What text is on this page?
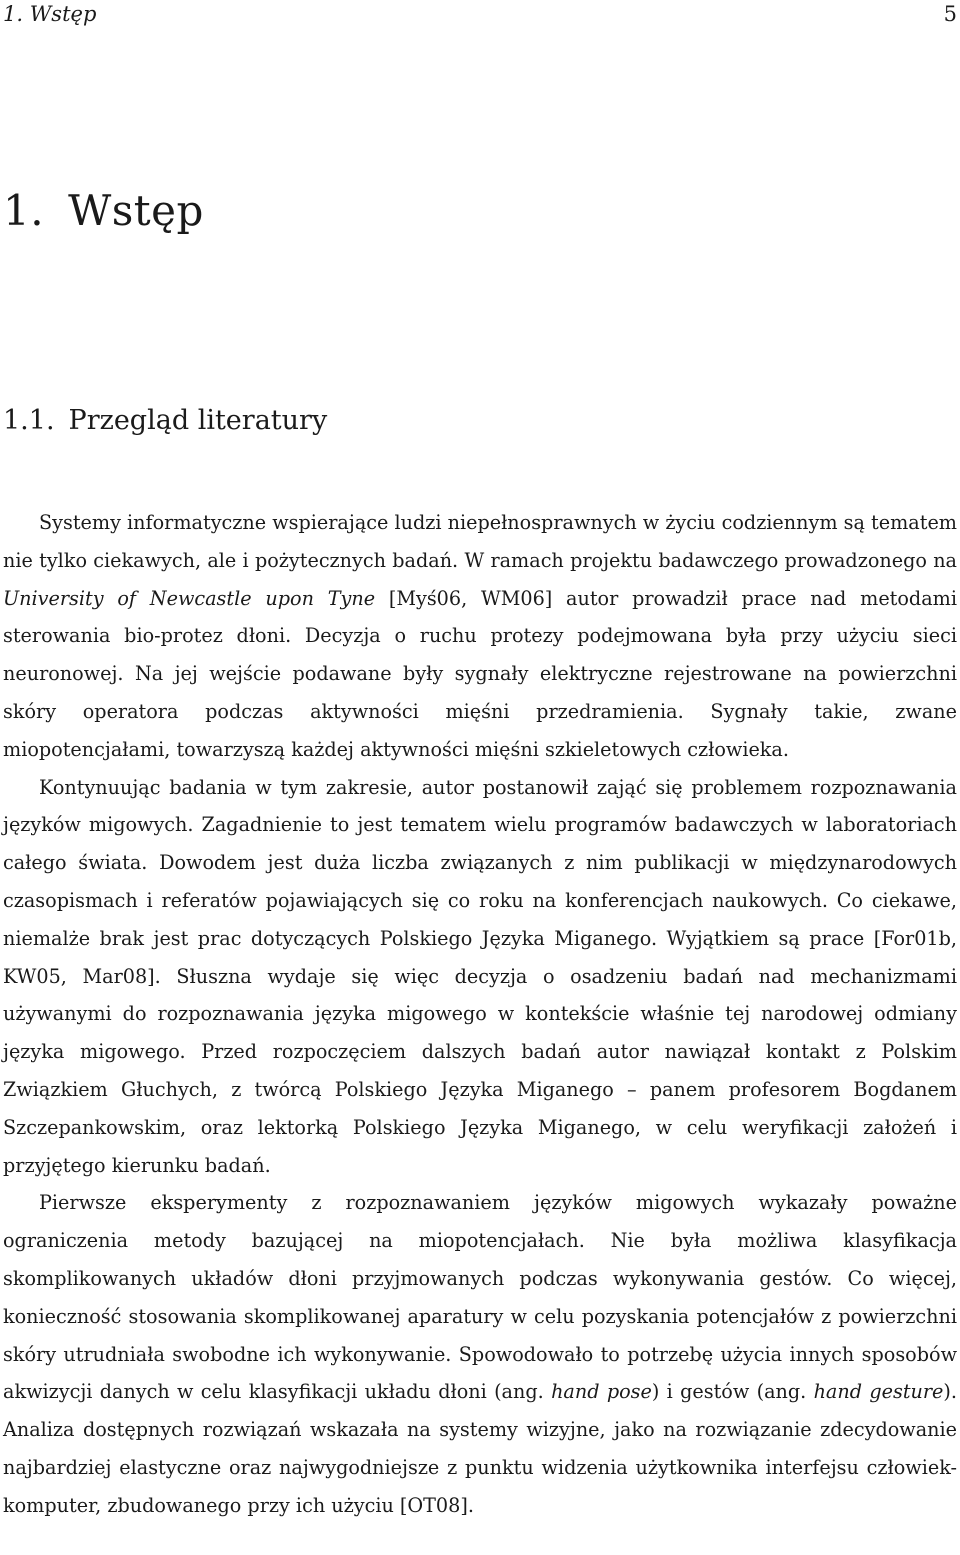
1. Wstęp	5
1. Wstęp
1.1. Przegląd literatury

Systemy informatyczne wspierające ludzi niepełnosprawnych w życiu codziennym są tematem nie tylko ciekawych, ale i pożytecznych badań. W ramach projektu badawczego prowadzonego na University of Newcastle upon Tyne [Myś06, WM06] autor prowadził prace nad metodami sterowania bio-protez dłoni. Decyzja o ruchu protezy podejmowana była przy użyciu sieci neuronowej. Na jej wejście podawane były sygnały elektryczne rejestrowane na powierzchni skóry operatora podczas aktywności mięśni przedramienia. Sygnały takie, zwane miopotencjałami, towarzyszą każdej aktywności mięśni szkieletowych człowieka.

Kontynuując badania w tym zakresie, autor postanowił zająć się problemem rozpoznawania języków migowych. Zagadnienie to jest tematem wielu programów badawczych w laboratoriach całego świata. Dowodem jest duża liczba związanych z nim publikacji w międzynarodowych czasopismach i referatów pojawiających się co roku na konferencjach naukowych. Co ciekawe, niemalże brak jest prac dotyczących Polskiego Języka Miganego. Wyjątkiem są prace [For01b, KW05, Mar08]. Słuszna wydaje się więc decyzja o osadzeniu badań nad mechanizmami używanymi do rozpoznawania języka migowego w kontekście właśnie tej narodowej odmiany języka migowego. Przed rozpoczęciem dalszych badań autor nawiązał kontakt z Polskim Związkiem Głuchych, z twórcą Polskiego Języka Miganego – panem profesorem Bogdanem Szczepankowskim, oraz lektorką Polskiego Języka Miganego, w celu weryfikacji założeń i przyjętego kierunku badań.

Pierwsze eksperymenty z rozpoznawaniem języków migowych wykazały poważne ograniczenia metody bazującej na miopotencjałach. Nie była możliwa klasyfikacja skomplikowanych układów dłoni przyjmowanych podczas wykonywania gestów. Co więcej, konieczność stosowania skomplikowanej aparatury w celu pozyskania potencjałów z powierzchni skóry utrudniała swobodne ich wykonywanie. Spowodowało to potrzebę użycia innych sposobów akwizycji danych w celu klasyfikacji układu dłoni (ang. hand pose) i gestów (ang. hand gesture). Analiza dostępnych rozwiązań wskazała na systemy wizyjne, jako na rozwiązanie zdecydowanie najbardziej elastyczne oraz najwygodniejsze z punktu widzenia użytkownika interfejsu człowiek-komputer, zbudowanego przy ich użyciu [OT08].
